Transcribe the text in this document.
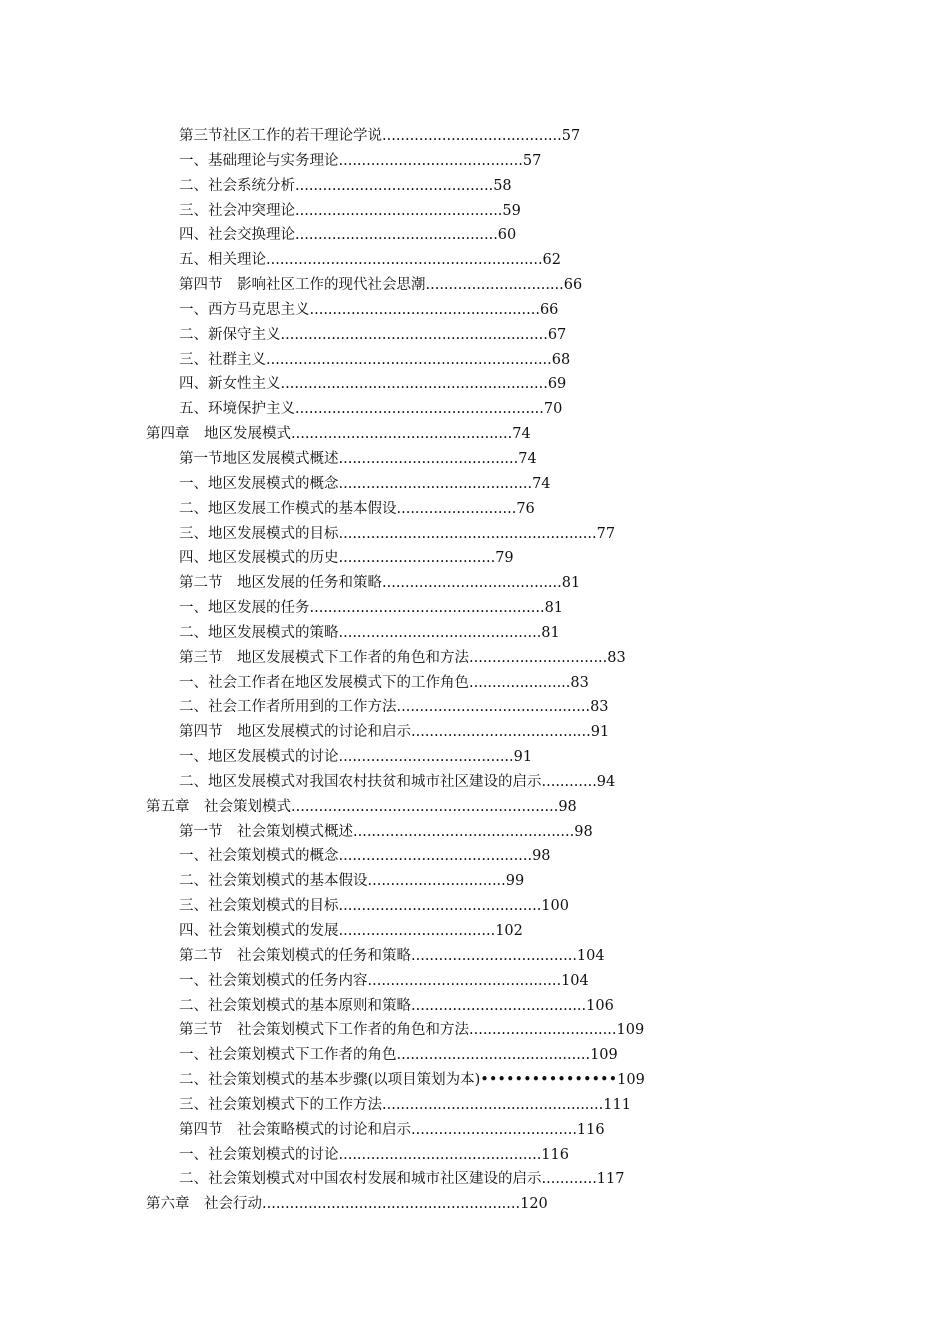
第三节社区工作的若干理论学说.......................................57
一、基础理论与实务理论........................................57
二、社会系统分析...........................................58
三、社会冲突理论.............................................59
四、社会交换理论............................................60
五、相关理论............................................................62
第四节　影响社区工作的现代社会思潮..............................66
一、西方马克思主义..................................................66
二、新保守主义..........................................................67
三、社群主义..............................................................68
四、新女性主义..........................................................69
五、环境保护主义......................................................70
第四章　地区发展模式................................................74
第一节地区发展模式概述.......................................74
一、地区发展模式的概念..........................................74
二、地区发展工作模式的基本假设..........................76
三、地区发展模式的目标........................................................77
四、地区发展模式的历史..................................79
第二节　地区发展的任务和策略.......................................81
一、地区发展的任务...................................................81
二、地区发展模式的策略............................................81
第三节　地区发展模式下工作者的角色和方法..............................83
一、社会工作者在地区发展模式下的工作角色......................83
二、社会工作者所用到的工作方法..........................................83
第四节　地区发展模式的讨论和启示.......................................91
一、地区发展模式的讨论......................................91
二、地区发展模式对我国农村扶贫和城市社区建设的启示............94
第五章　社会策划模式..........................................................98
第一节　社会策划模式概述................................................98
一、社会策划模式的概念..........................................98
二、社会策划模式的基本假设..............................99
三、社会策划模式的目标............................................100
四、社会策划模式的发展..................................102
第二节　社会策划模式的任务和策略....................................104
一、社会策划模式的任务内容..........................................104
二、社会策划模式的基本原则和策略......................................106
第三节　社会策划模式下工作者的角色和方法................................109
一、社会策划模式下工作者的角色..........................................109
二、社会策划模式的基本步骤(以项目策划为本)••••••••••••••••109
三、社会策划模式下的工作方法................................................111
第四节　社会策略模式的讨论和启示....................................116
一、社会策划模式的讨论............................................116
二、社会策划模式对中国农村发展和城市社区建设的启示............117
第六章　社会行动........................................................120
